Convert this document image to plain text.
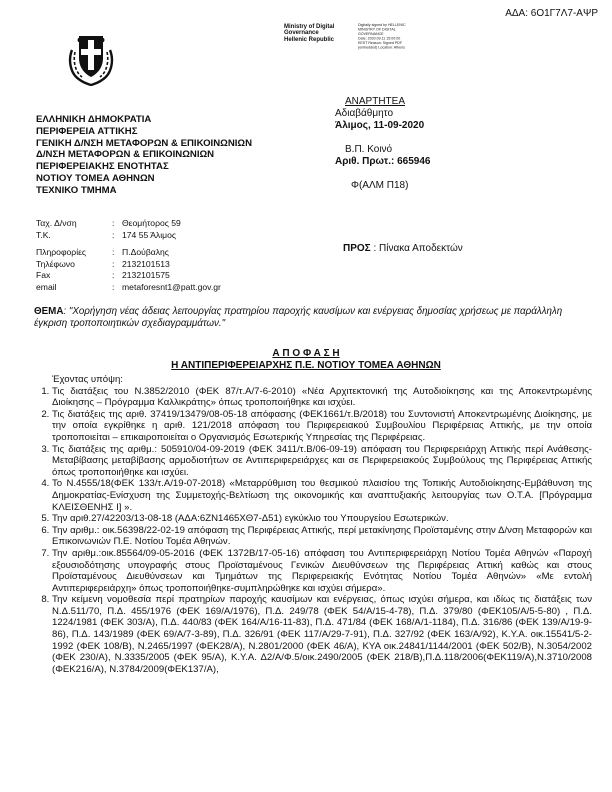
ΑΔΑ: 6Ο1Γ7Λ7-ΑΨΡ
Ministry of Digital
Governance
Hellenic Republic
Digitally signed by HELLENIC
MINISTRY OF DIGITAL
GOVERNANCE
Date: 2020.09.11 15:00:00
EEST Reason: Signed PDF
(embedded) Location: Athens
ΕΛΛΗΝΙΚΗ ΔΗΜΟΚΡΑΤΙΑ
ΠΕΡΙΦΕΡΕΙΑ ΑΤΤΙΚΗΣ
ΓΕΝΙΚΗ Δ/ΝΣΗ ΜΕΤΑΦΟΡΩΝ & ΕΠΙΚΟΙΝΩΝΙΩΝ
Δ/ΝΣΗ ΜΕΤΑΦΟΡΩΝ & ΕΠΙΚΟΙΝΩΝΙΩΝ
ΠΕΡΙΦΕΡΕΙΑΚΗΣ ΕΝΟΤΗΤΑΣ
ΝΟΤΙΟΥ ΤΟΜΕΑ ΑΘΗΝΩΝ
ΤΕΧΝΙΚΟ ΤΜΗΜΑ
ΑΝΑΡΤΗΤΕΑ
Αδιαβάθμητο
Άλιμος, 11-09-2020
Β.Π. Κοινό
Αριθ. Πρωτ.: 665946
Φ(ΑΛΜ Π18)
Ταχ. Δ/νση	: Θεομήτορος 59
Τ.Κ.	: 174 55 Άλιμος
Πληροφορίες	: Π.Δούβαλης
Τηλέφωνο	: 2132101513
Fax	: 2132101575
email	: metaforesnt1@patt.gov.gr
ΠΡΟΣ : Πίνακα Αποδεκτών
ΘΕΜΑ: "Χορήγηση νέας άδειας λειτουργίας πρατηρίου παροχής καυσίμων και ενέργειας δημοσίας χρήσεως με παράλληλη έγκριση τροποποιητικών σχεδιαγραμμάτων."
Α Π Ο Φ Α Σ Η
Η ΑΝΤΙΠΕΡΙΦΕΡΕΙΑΡΧΗΣ Π.Ε. ΝΟΤΙΟΥ ΤΟΜΕΑ ΑΘΗΝΩΝ
Έχοντας υπόψη:
1. Τις διατάξεις του Ν.3852/2010 (ΦΕΚ 87/τ.Α/7-6-2010) «Νέα Αρχιτεκτονική της Αυτοδιοίκησης και της Αποκεντρωμένης Διοίκησης – Πρόγραμμα Καλλικράτης» όπως τροποποιήθηκε και ισχύει.
2. Τις διατάξεις της αριθ. 37419/13479/08-05-18 απόφασης (ΦΕΚ1661/τ.Β/2018) του Συντονιστή Αποκεντρωμένης Διοίκησης, με την οποία εγκρίθηκε η αριθ. 121/2018 απόφαση του Περιφερειακού Συμβουλίου Περιφέρειας Αττικής, με την οποία τροποποιείται – επικαιροποιείται ο Οργανισμός Εσωτερικής Υπηρεσίας της Περιφέρειας.
3. Τις διατάξεις της αριθμ.: 505910/04-09-2019 (ΦΕΚ 3411/τ.Β/06-09-19) απόφαση του Περιφερειάρχη Αττικής περί Ανάθεσης-Μεταβίβασης μεταβίβασης αρμοδιοτήτων σε Αντιπεριφερειάρχες και σε Περιφερειακούς Συμβούλους της Περιφέρειας Αττικής όπως τροποποιήθηκε και ισχύει.
4. Το Ν.4555/18(ΦΕΚ 133/τ.Α/19-07-2018) «Μεταρρύθμιση του θεσμικού πλαισίου της Τοπικής Αυτοδιοίκησης-Εμβάθυνση της Δημοκρατίας-Ενίσχυση της Συμμετοχής-Βελτίωση της οικονομικής και αναπτυξιακής λειτουργίας των Ο.Τ.Α. [Πρόγραμμα ΚΛΕΙΣΘΕΝΗΣ Ι] ».
5. Την αριθ.27/42203/13-08-18 (ΑΔΑ:6ΖΝ1465ΧΘ7-Δ51) εγκύκλιο του Υπουργείου Εσωτερικών.
6. Την αριθμ.: οικ.56398/22-02-19 απόφαση της Περιφέρειας Αττικής, περί μετακίνησης Προϊσταμένης στην Δ/νση Μεταφορών και Επικοινωνιών Π.Ε. Νοτίου Τομέα Αθηνών.
7. Την αριθμ.:οικ.85564/09-05-2016 (ΦΕΚ 1372Β/17-05-16) απόφαση του Αντιπεριφερειάρχη Νοτίου Τομέα Αθηνών «Παροχή εξουσιοδότησης υπογραφής στους Προϊσταμένους Γενικών Διευθύνσεων της Περιφέρειας Αττική καθώς και στους Προϊσταμένους Διευθύνσεων και Τμημάτων της Περιφερειακής Ενότητας Νοτίου Τομέα Αθηνών» «Με εντολή Αντιπεριφερειάρχη» όπως τροποποιήθηκε-συμπληρώθηκε και ισχύει σήμερα».
8. Την κείμενη νομοθεσία περί πρατηρίων παροχής καυσίμων και ενέργειας, όπως ισχύει σήμερα, και ιδίως τις διατάξεις των Ν.Δ.511/70, Π.Δ. 455/1976 (ΦΕΚ 169/Α/1976), Π.Δ. 249/78 (ΦΕΚ 54/Α/15-4-78), Π.Δ. 379/80 (ΦΕΚ105/Α/5-5-80) , Π.Δ. 1224/1981 (ΦΕΚ 303/Α), Π.Δ. 440/83 (ΦΕΚ 164/Α/16-11-83), Π.Δ. 471/84 (ΦΕΚ 168/Α/1-1184), Π.Δ. 316/86 (ΦΕΚ 139/Α/19-9-86), Π.Δ. 143/1989 (ΦΕΚ 69/Α/7-3-89), Π.Δ. 326/91 (ΦΕΚ 117/Α/29-7-91), Π.Δ. 327/92 (ΦΕΚ 163/Α/92), Κ.Υ.Α. οικ.15541/5-2-1992 (ΦΕΚ 108/Β), Ν.2465/1997 (ΦΕΚ28/Α), Ν.2801/2000 (ΦΕΚ 46/Α), ΚΥΑ οικ.24841/1144/2001 (ΦΕΚ 502/Β), Ν.3054/2002 (ΦΕΚ 230/Α), Ν.3335/2005 (ΦΕΚ 95/Α), Κ.Υ.Α. Δ2/Α/Φ.5/οικ.2490/2005 (ΦΕΚ 218/Β),Π.Δ.118/2006(ΦΕΚ119/Α),Ν.3710/2008 (ΦΕΚ216/Α), Ν.3784/2009(ΦΕΚ137/Α),
